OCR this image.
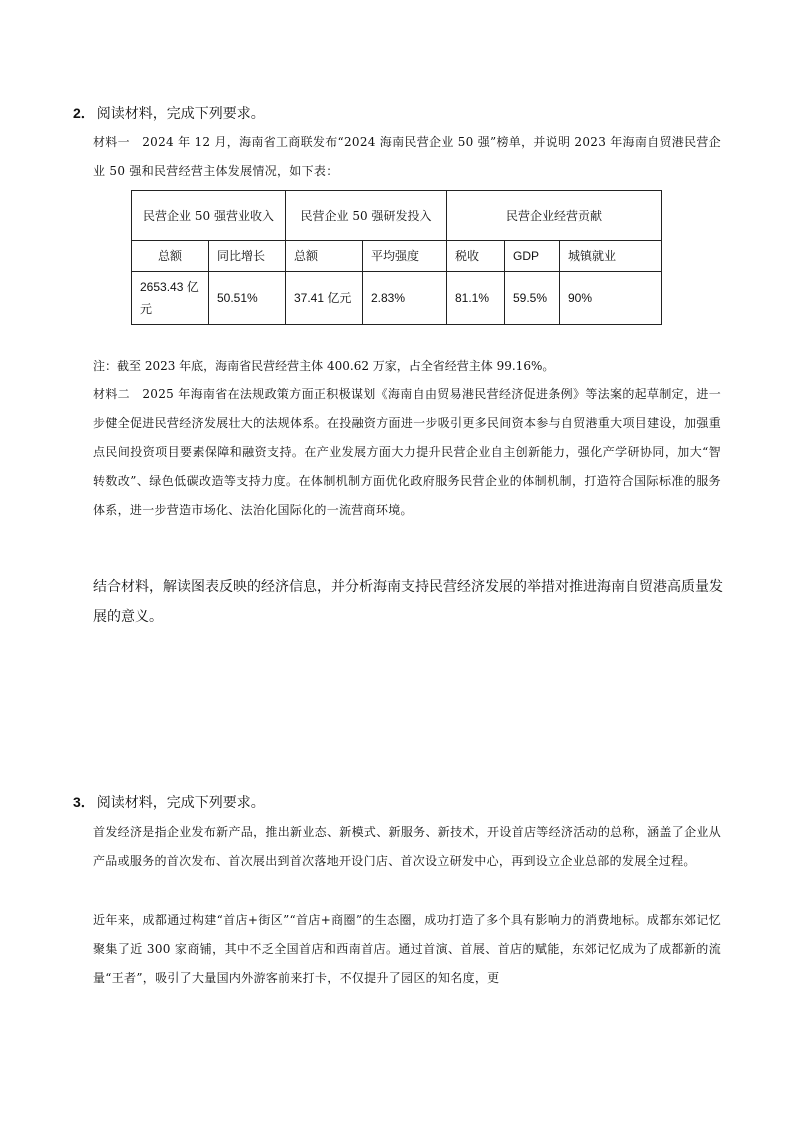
2． 阅读材料，完成下列要求。
材料一　2024 年 12 月，海南省工商联发布“2024 海南民营企业 50 强”榜单，并说明 2023 年海南自贸港民营企业 50 强和民营经营主体发展情况，如下表：
民营企业 50 强营业收入		民营企业 50 强研发投入		民营企业经营贡献		
总额	同比增长	总额	平均强度	税收	GDP	城镇就业
2653.43 亿元	50.51%	37.41 亿元	2.83%	81.1%	59.5%	90%
注：截至 2023 年底，海南省民营经营主体 400.62 万家，占全省经营主体 99.16%。
材料二　2025 年海南省在法规政策方面正积极谋划《海南自由贸易港民营经济促进条例》等法案的起草制定，进一步健全促进民营经济发展壮大的法规体系。在投融资方面进一步吸引更多民间资本参与自贸港重大项目建设，加强重点民间投资项目要素保障和融资支持。在产业发展方面大力提升民营企业自主创新能力，强化产学研协同，加大“智转数改”、绿色低碳改造等支持力度。在体制机制方面优化政府服务民营企业的体制机制，打造符合国际标准的服务体系，进一步营造市场化、法治化国际化的一流营商环境。
结合材料，解读图表反映的经济信息，并分析海南支持民营经济发展的举措对推进海南自贸港高质量发展的意义。
3． 阅读材料，完成下列要求。
首发经济是指企业发布新产品，推出新业态、新模式、新服务、新技术，开设首店等经济活动的总称，涵盖了企业从产品或服务的首次发布、首次展出到首次落地开设门店、首次设立研发中心，再到设立企业总部的发展全过程。
近年来，成都通过构建“首店+街区”“首店+商圈”的生态圈，成功打造了多个具有影响力的消费地标。成都东郊记忆聚集了近 300 家商铺，其中不乏全国首店和西南首店。通过首演、首展、首店的赋能，东郊记忆成为了成都新的流量“王者”，吸引了大量国内外游客前来打卡，不仅提升了园区的知名度，更
